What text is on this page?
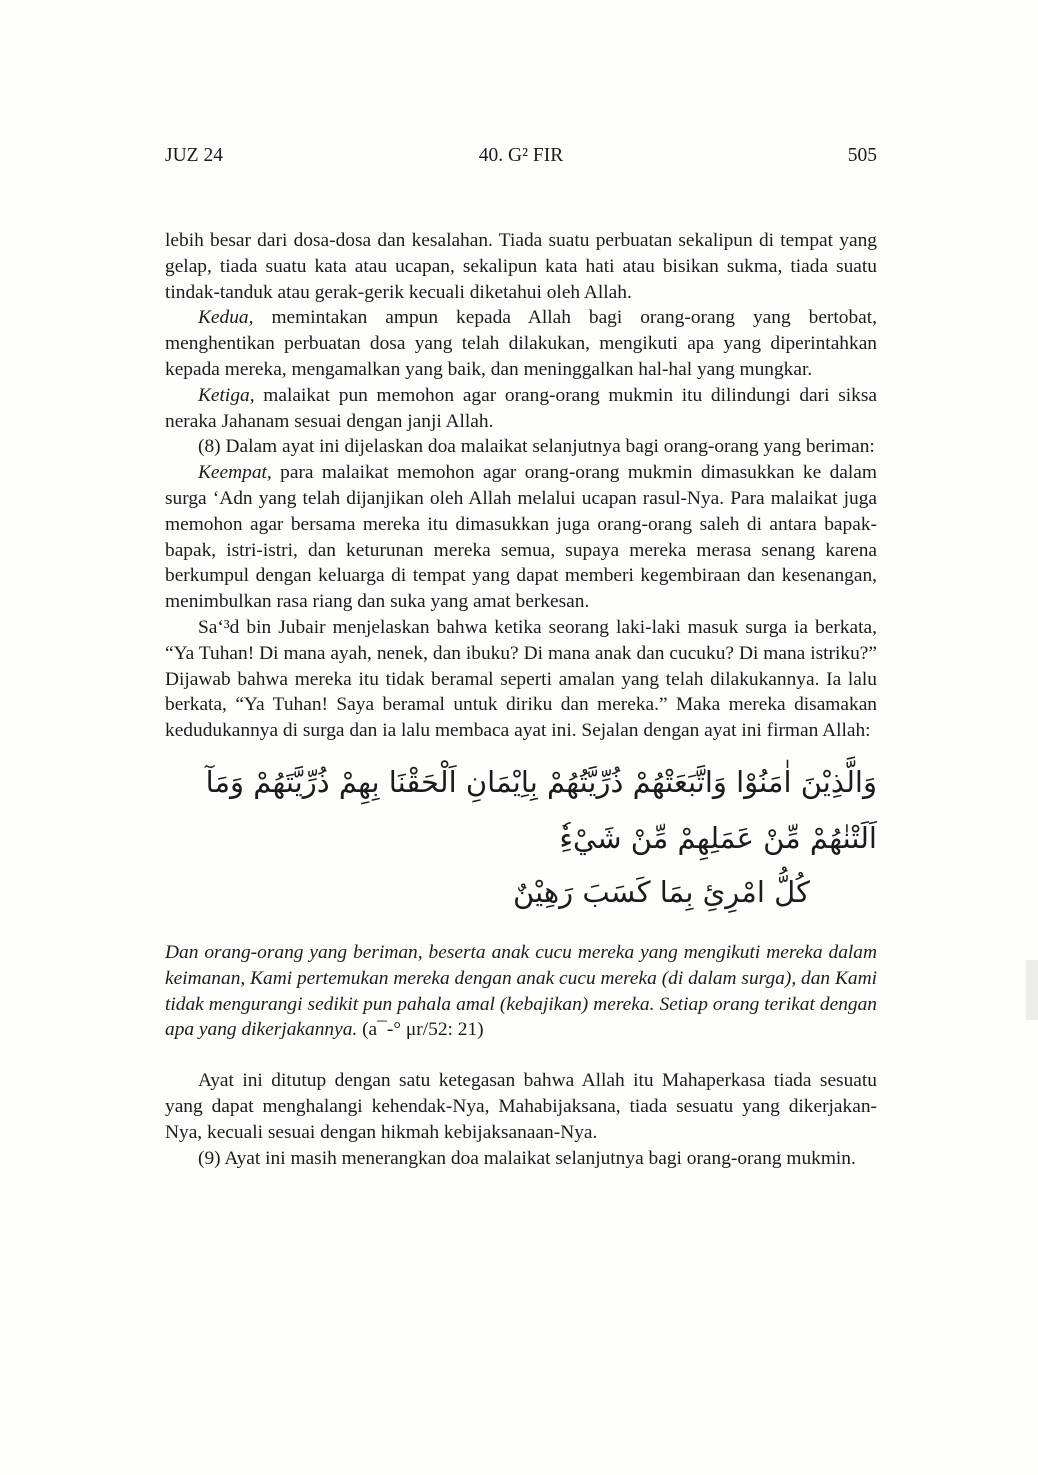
JUZ 24	40. G² FIR	505
lebih besar dari dosa-dosa dan kesalahan. Tiada suatu perbuatan sekalipun di tempat yang gelap, tiada suatu kata atau ucapan, sekalipun kata hati atau bisikan sukma, tiada suatu tindak-tanduk atau gerak-gerik kecuali diketahui oleh Allah.
Kedua, memintakan ampun kepada Allah bagi orang-orang yang bertobat, menghentikan perbuatan dosa yang telah dilakukan, mengikuti apa yang diperintahkan kepada mereka, mengamalkan yang baik, dan meninggalkan hal-hal yang mungkar.
Ketiga, malaikat pun memohon agar orang-orang mukmin itu dilindungi dari siksa neraka Jahanam sesuai dengan janji Allah.
(8) Dalam ayat ini dijelaskan doa malaikat selanjutnya bagi orang-orang yang beriman:
Keempat, para malaikat memohon agar orang-orang mukmin dimasukkan ke dalam surga ‘Adn yang telah dijanjikan oleh Allah melalui ucapan rasul-Nya. Para malaikat juga memohon agar bersama mereka itu dimasukkan juga orang-orang saleh di antara bapak-bapak, istri-istri, dan keturunan mereka semua, supaya mereka merasa senang karena berkumpul dengan keluarga di tempat yang dapat memberi kegembiraan dan kesenangan, menimbulkan rasa riang dan suka yang amat berkesan.
Sa‘³d bin Jubair menjelaskan bahwa ketika seorang laki-laki masuk surga ia berkata, “Ya Tuhan! Di mana ayah, nenek, dan ibuku? Di mana anak dan cucuku? Di mana istriku?” Dijawab bahwa mereka itu tidak beramal seperti amalan yang telah dilakukannya. Ia lalu berkata, “Ya Tuhan! Saya beramal untuk diriku dan mereka.” Maka mereka disamakan kedudukannya di surga dan ia lalu membaca ayat ini. Sejalan dengan ayat ini firman Allah:
وَالَّذِيْنَ اٰمَنُوْا وَاتَّبَعَتْهُمْ ذُرِّيَّتُهُمْ بِاِيْمَانِ اَلْحَقْنَا بِهِمْ ذُرِّيَّتَهُمْ وَمَآ اَلَتْنٰهُمْ مِّنْ عَمَلِهِمْ مِّنْ شَيْءِٗ
كُلُّ امْرِئِ بِمَا كَسَبَ رَهِيْنٌ
Dan orang-orang yang beriman, beserta anak cucu mereka yang mengikuti mereka dalam keimanan, Kami pertemukan mereka dengan anak cucu mereka (di dalam surga), dan Kami tidak mengurangi sedikit pun pahala amal (kebajikan) mereka. Setiap orang terikat dengan apa yang dikerjakannya. (a¯-° μr/52: 21)
Ayat ini ditutup dengan satu ketegasan bahwa Allah itu Mahaperkasa tiada sesuatu yang dapat menghalangi kehendak-Nya, Mahabijaksana, tiada sesuatu yang dikerjakan-Nya, kecuali sesuai dengan hikmah kebijaksanaan-Nya.
(9) Ayat ini masih menerangkan doa malaikat selanjutnya bagi orang-orang mukmin.
